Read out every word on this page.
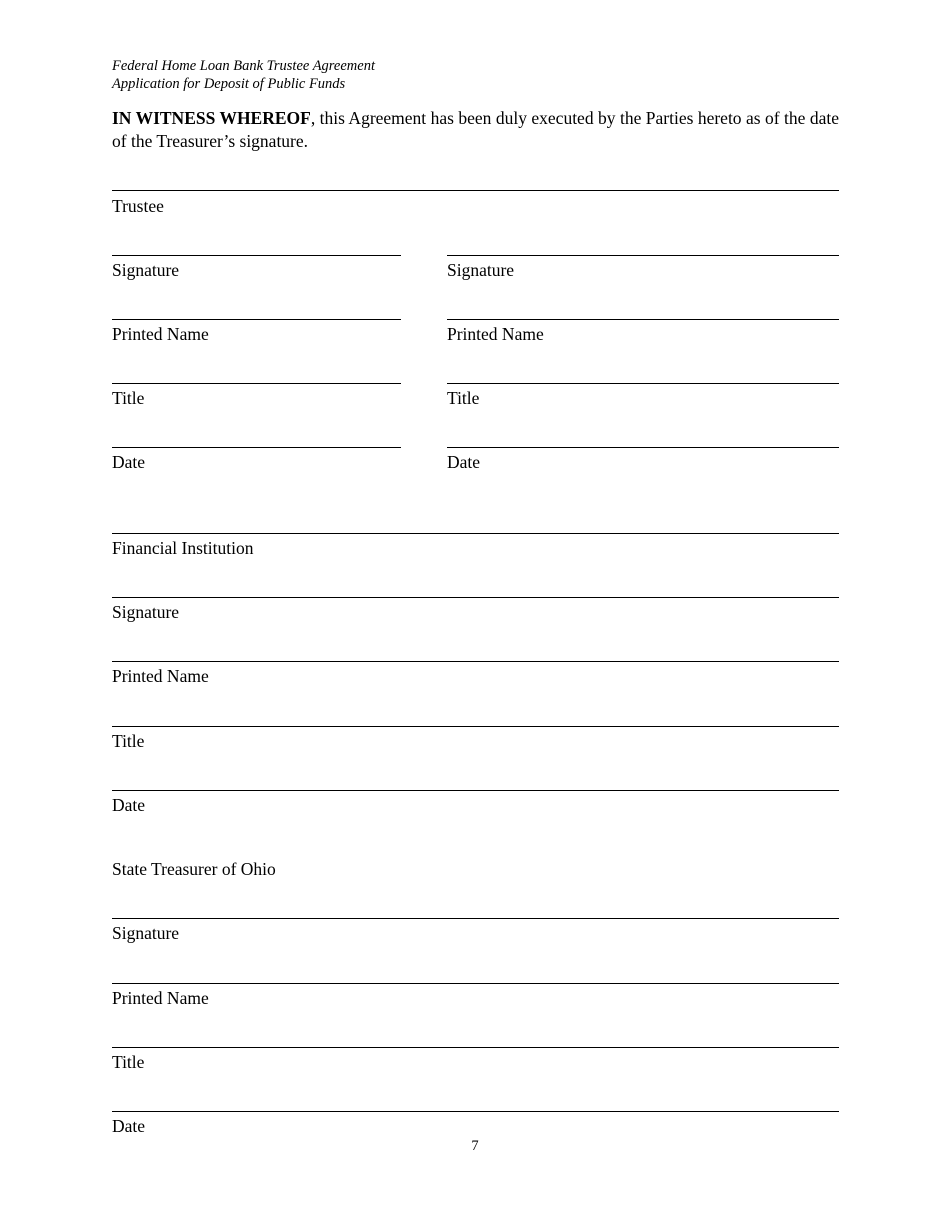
Federal Home Loan Bank Trustee Agreement
Application for Deposit of Public Funds
IN WITNESS WHEREOF, this Agreement has been duly executed by the Parties hereto as of the date of the Treasurer’s signature.
Trustee
Signature	Signature
Printed Name	Printed Name
Title	Title
Date	Date
Financial Institution
Signature
Printed Name
Title
Date
State Treasurer of Ohio
Signature
Printed Name
Title
Date
7
